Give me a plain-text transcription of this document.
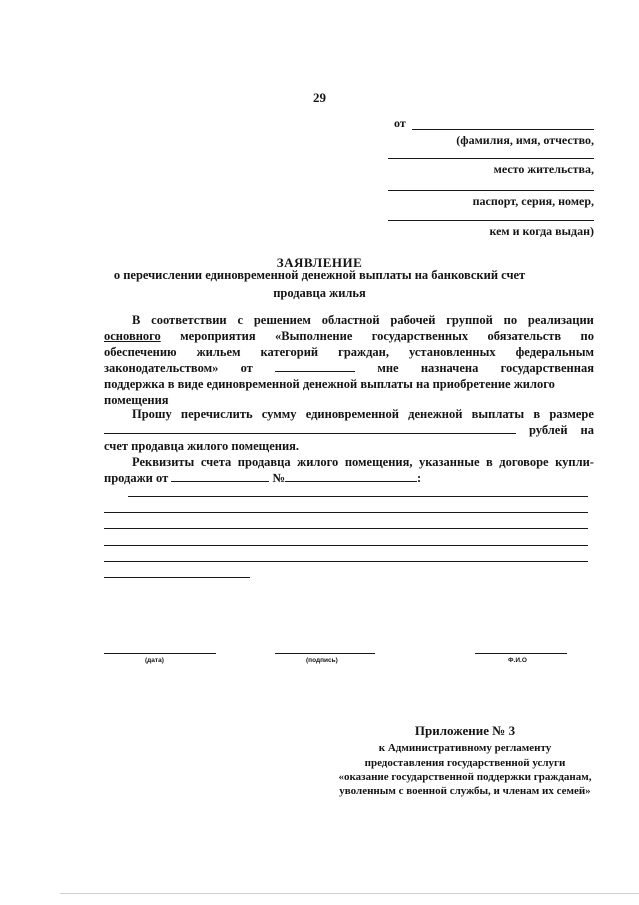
29
от
(фамилия, имя, отчество,
место жительства,
паспорт, серия, номер,
кем и когда выдан)
ЗАЯВЛЕНИЕ
о перечислении единовременной денежной выплаты на банковский счет
продавца жилья
В соответствии с решением областной рабочей группой по реализации
основного мероприятия «Выполнение государственных обязательств по
обеспечению жильем категорий граждан, установленных федеральным
законодательством» от	мне назначена государственная
поддержка в виде единовременной денежной выплаты на приобретение жилого
помещения
Прошу перечислить сумму единовременной денежной выплаты в размере
рублей на
счет продавца жилого помещения.
Реквизиты счета продавца жилого помещения, указанные в договоре купли-
продажи от	№	:
(дата)	(подпись)	Ф.И.О
Приложение № 3
к Административному регламенту
предоставления государственной услуги
«оказание государственной поддержки гражданам,
уволенным с военной службы, и членам их семей»
